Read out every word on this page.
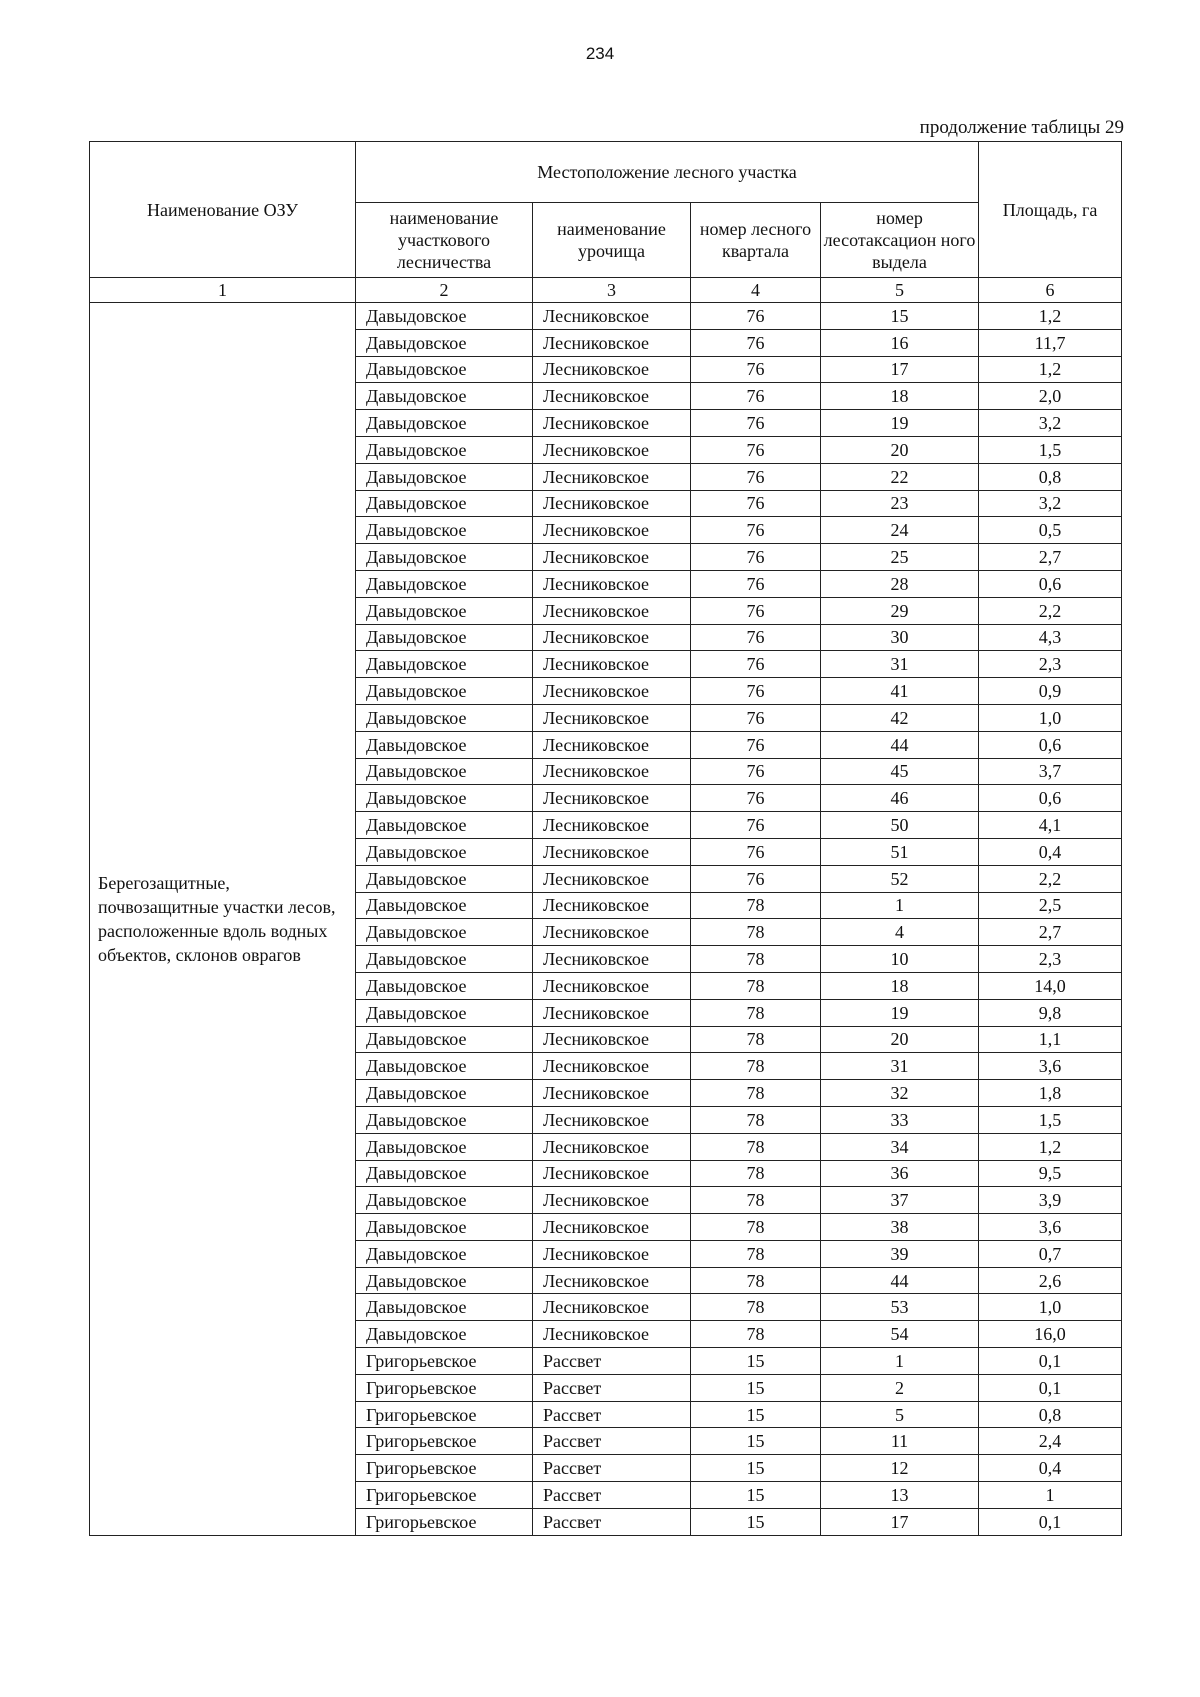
234
продолжение таблицы 29
Наименование ОЗУ	Местоположение лесного участка				Площадь, га
	наименование участкового лесничества	наименование урочища	номер лесного квартала	номер лесотаксацион ного выдела	
1	2	3	4	5	6
Берегозащитные, почвозащитные участки лесов, расположенные вдоль водных объектов, склонов оврагов	Давыдовское	Лесниковское	76	15	1,2
	Давыдовское	Лесниковское	76	16	11,7
	Давыдовское	Лесниковское	76	17	1,2
	Давыдовское	Лесниковское	76	18	2,0
	Давыдовское	Лесниковское	76	19	3,2
	Давыдовское	Лесниковское	76	20	1,5
	Давыдовское	Лесниковское	76	22	0,8
	Давыдовское	Лесниковское	76	23	3,2
	Давыдовское	Лесниковское	76	24	0,5
	Давыдовское	Лесниковское	76	25	2,7
	Давыдовское	Лесниковское	76	28	0,6
	Давыдовское	Лесниковское	76	29	2,2
	Давыдовское	Лесниковское	76	30	4,3
	Давыдовское	Лесниковское	76	31	2,3
	Давыдовское	Лесниковское	76	41	0,9
	Давыдовское	Лесниковское	76	42	1,0
	Давыдовское	Лесниковское	76	44	0,6
	Давыдовское	Лесниковское	76	45	3,7
	Давыдовское	Лесниковское	76	46	0,6
	Давыдовское	Лесниковское	76	50	4,1
	Давыдовское	Лесниковское	76	51	0,4
	Давыдовское	Лесниковское	76	52	2,2
	Давыдовское	Лесниковское	78	1	2,5
	Давыдовское	Лесниковское	78	4	2,7
	Давыдовское	Лесниковское	78	10	2,3
	Давыдовское	Лесниковское	78	18	14,0
	Давыдовское	Лесниковское	78	19	9,8
	Давыдовское	Лесниковское	78	20	1,1
	Давыдовское	Лесниковское	78	31	3,6
	Давыдовское	Лесниковское	78	32	1,8
	Давыдовское	Лесниковское	78	33	1,5
	Давыдовское	Лесниковское	78	34	1,2
	Давыдовское	Лесниковское	78	36	9,5
	Давыдовское	Лесниковское	78	37	3,9
	Давыдовское	Лесниковское	78	38	3,6
	Давыдовское	Лесниковское	78	39	0,7
	Давыдовское	Лесниковское	78	44	2,6
	Давыдовское	Лесниковское	78	53	1,0
	Давыдовское	Лесниковское	78	54	16,0
	Григорьевское	Рассвет	15	1	0,1
	Григорьевское	Рассвет	15	2	0,1
	Григорьевское	Рассвет	15	5	0,8
	Григорьевское	Рассвет	15	11	2,4
	Григорьевское	Рассвет	15	12	0,4
	Григорьевское	Рассвет	15	13	1
	Григорьевское	Рассвет	15	17	0,1
